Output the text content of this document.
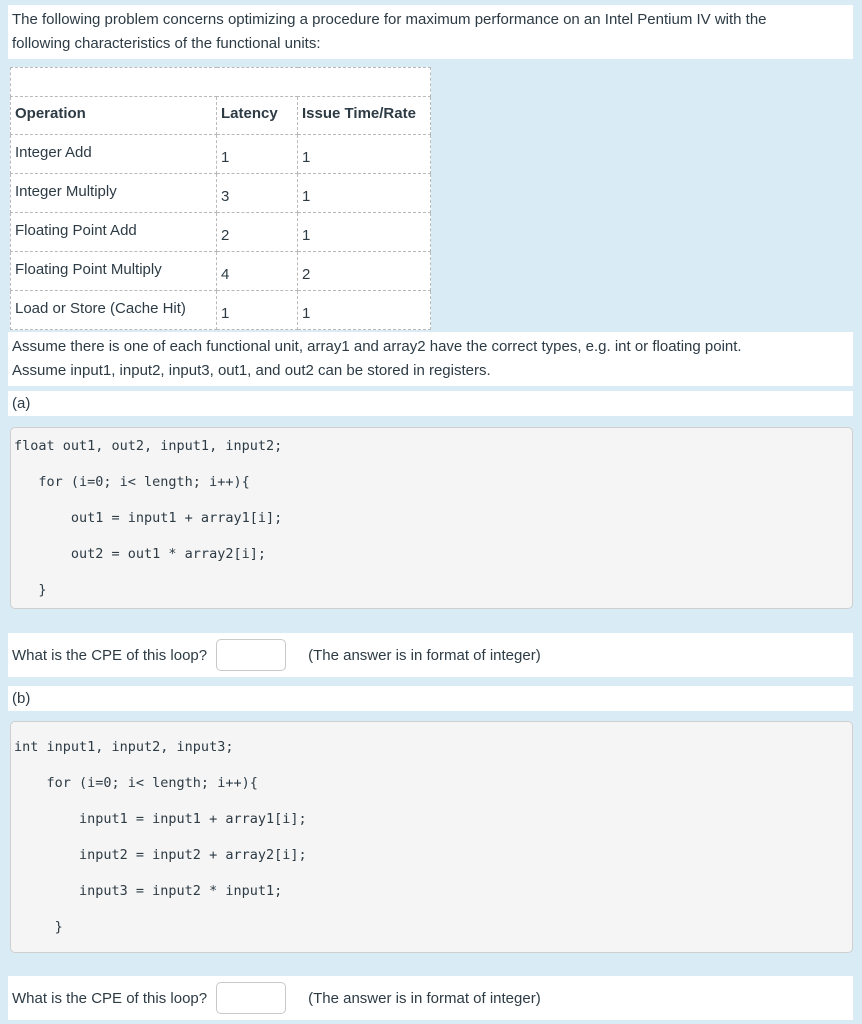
The following problem concerns optimizing a procedure for maximum performance on an Intel Pentium IV with the
following characteristics of the functional units:

Operation	Latency	Issue Time/Rate
Integer Add	1	1
Integer Multiply	3	1
Floating Point Add	2	1
Floating Point Multiply	4	2
Load or Store (Cache Hit)	1	1
Assume there is one of each functional unit, array1 and array2 have the correct types, e.g. int or floating point.
Assume input1, input2, input3, out1, and out2 can be stored in registers.
(a)
float out1, out2, input1, input2;
for (i=0; i< length; i++){
out1 = input1 + array1[i];
out2 = out1 * array2[i];
}
What is the CPE of this loop?	(The answer is in format of integer)
(b)
int input1, input2, input3;
for (i=0; i< length; i++){
input1 = input1 + array1[i];
input2 = input2 + array2[i];
input3 = input2 * input1;
}
What is the CPE of this loop?	(The answer is in format of integer)
